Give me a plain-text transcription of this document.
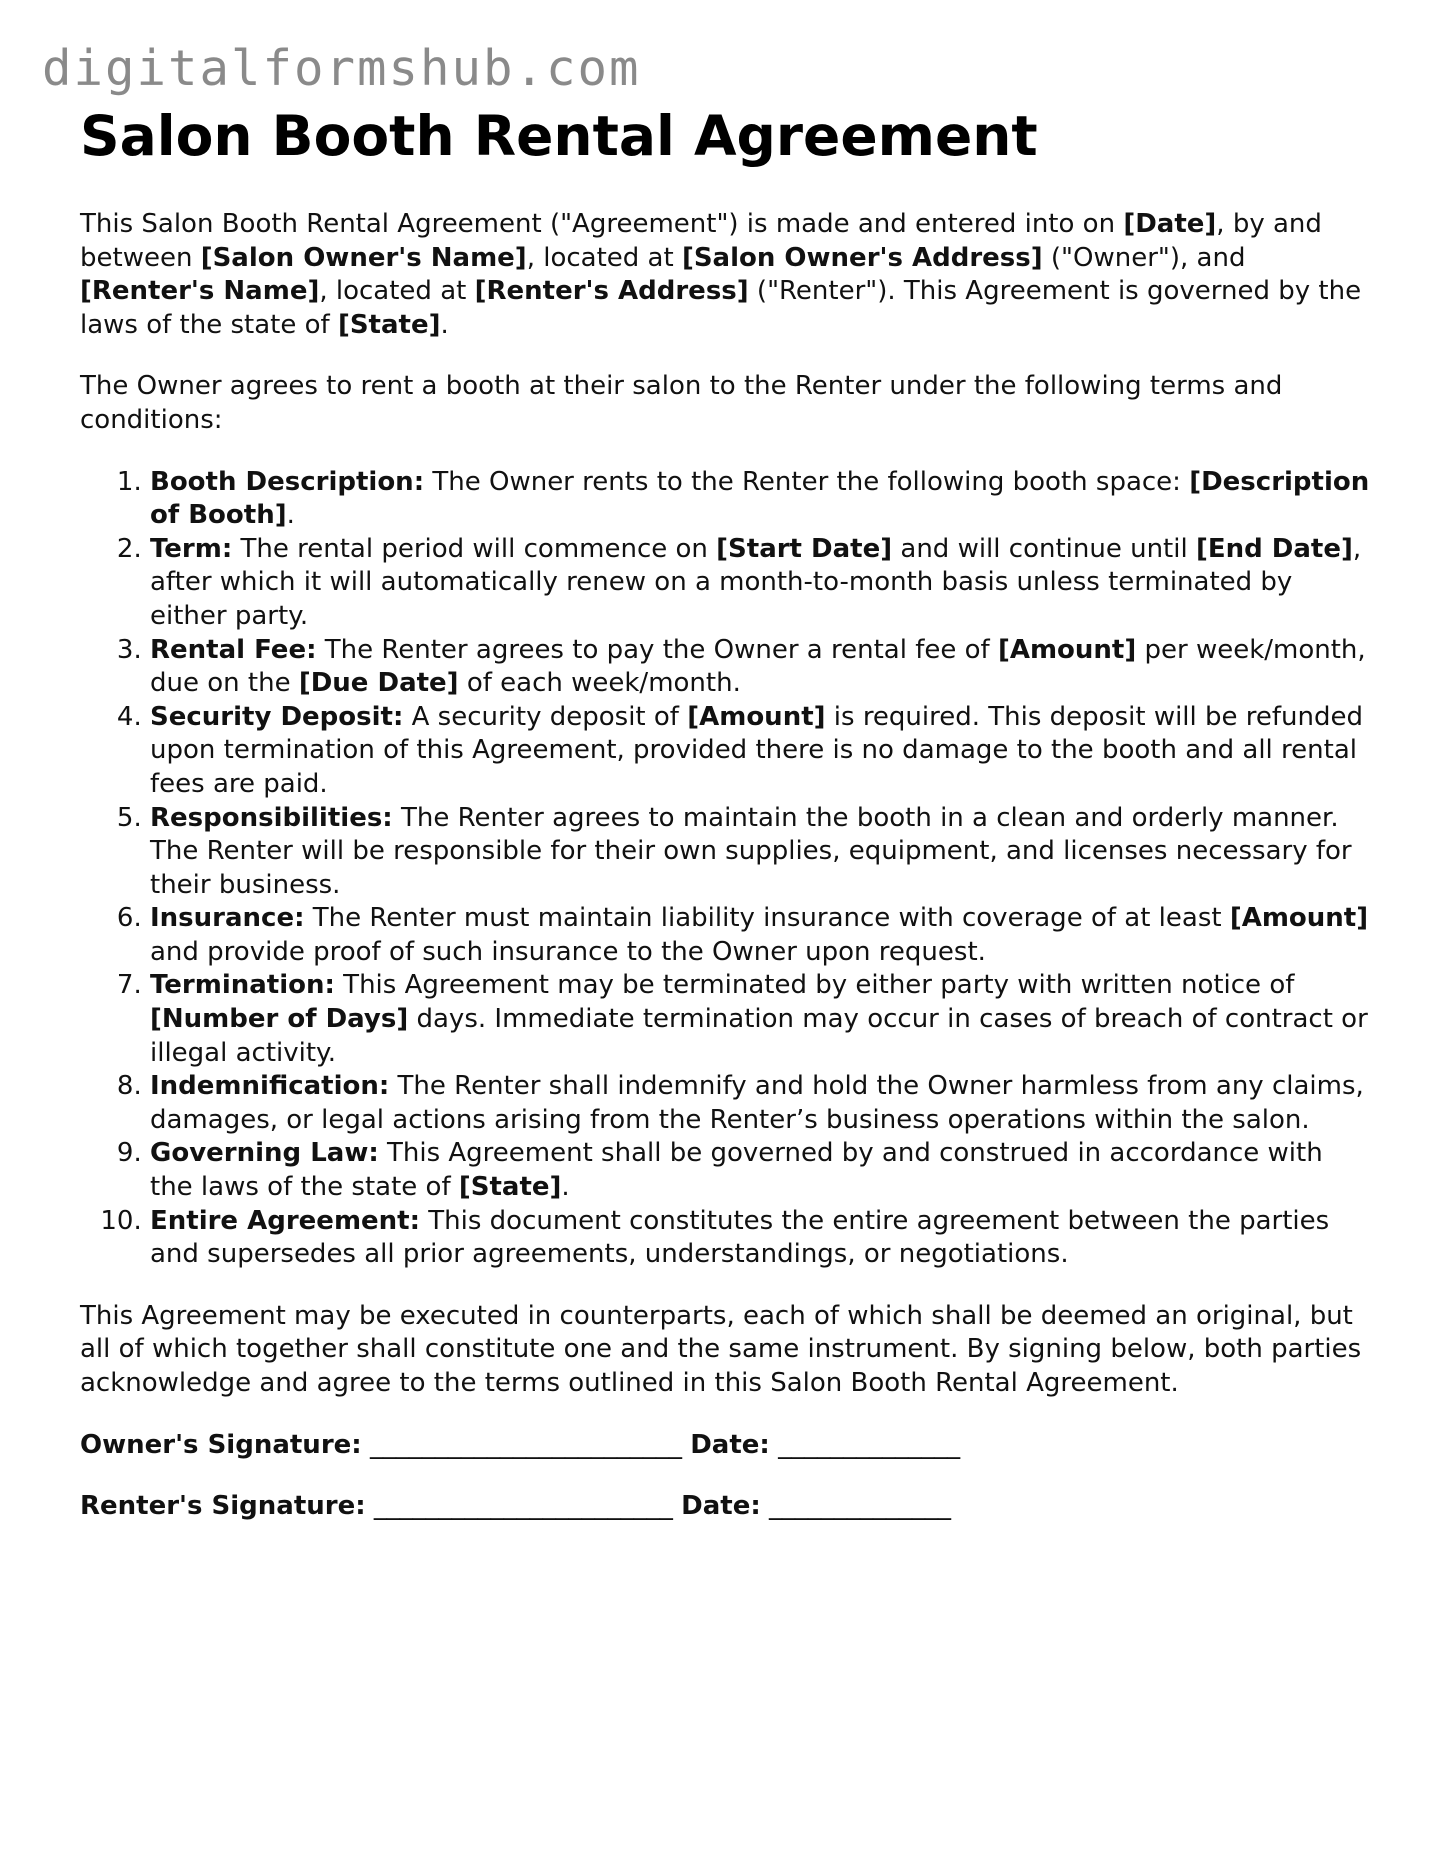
digitalformshub.com
Salon Booth Rental Agreement

This Salon Booth Rental Agreement ("Agreement") is made and entered into on [Date], by and between [Salon Owner's Name], located at [Salon Owner's Address] ("Owner"), and [Renter's Name], located at [Renter's Address] ("Renter"). This Agreement is governed by the laws of the state of [State].

The Owner agrees to rent a booth at their salon to the Renter under the following terms and conditions:

1. Booth Description: The Owner rents to the Renter the following booth space: [Description of Booth].
2. Term: The rental period will commence on [Start Date] and will continue until [End Date], after which it will automatically renew on a month-to-month basis unless terminated by either party.
3. Rental Fee: The Renter agrees to pay the Owner a rental fee of [Amount] per week/month, due on the [Due Date] of each week/month.
4. Security Deposit: A security deposit of [Amount] is required. This deposit will be refunded upon termination of this Agreement, provided there is no damage to the booth and all rental fees are paid.
5. Responsibilities: The Renter agrees to maintain the booth in a clean and orderly manner. The Renter will be responsible for their own supplies, equipment, and licenses necessary for their business.
6. Insurance: The Renter must maintain liability insurance with coverage of at least [Amount] and provide proof of such insurance to the Owner upon request.
7. Termination: This Agreement may be terminated by either party with written notice of [Number of Days] days. Immediate termination may occur in cases of breach of contract or illegal activity.
8. Indemnification: The Renter shall indemnify and hold the Owner harmless from any claims, damages, or legal actions arising from the Renter’s business operations within the salon.
9. Governing Law: This Agreement shall be governed by and construed in accordance with the laws of the state of [State].
10. Entire Agreement: This document constitutes the entire agreement between the parties and supersedes all prior agreements, understandings, or negotiations.

This Agreement may be executed in counterparts, each of which shall be deemed an original, but all of which together shall constitute one and the same instrument. By signing below, both parties acknowledge and agree to the terms outlined in this Salon Booth Rental Agreement.

Owner's Signature: ________________________ Date: ______________
Renter's Signature: _______________________ Date: ______________
